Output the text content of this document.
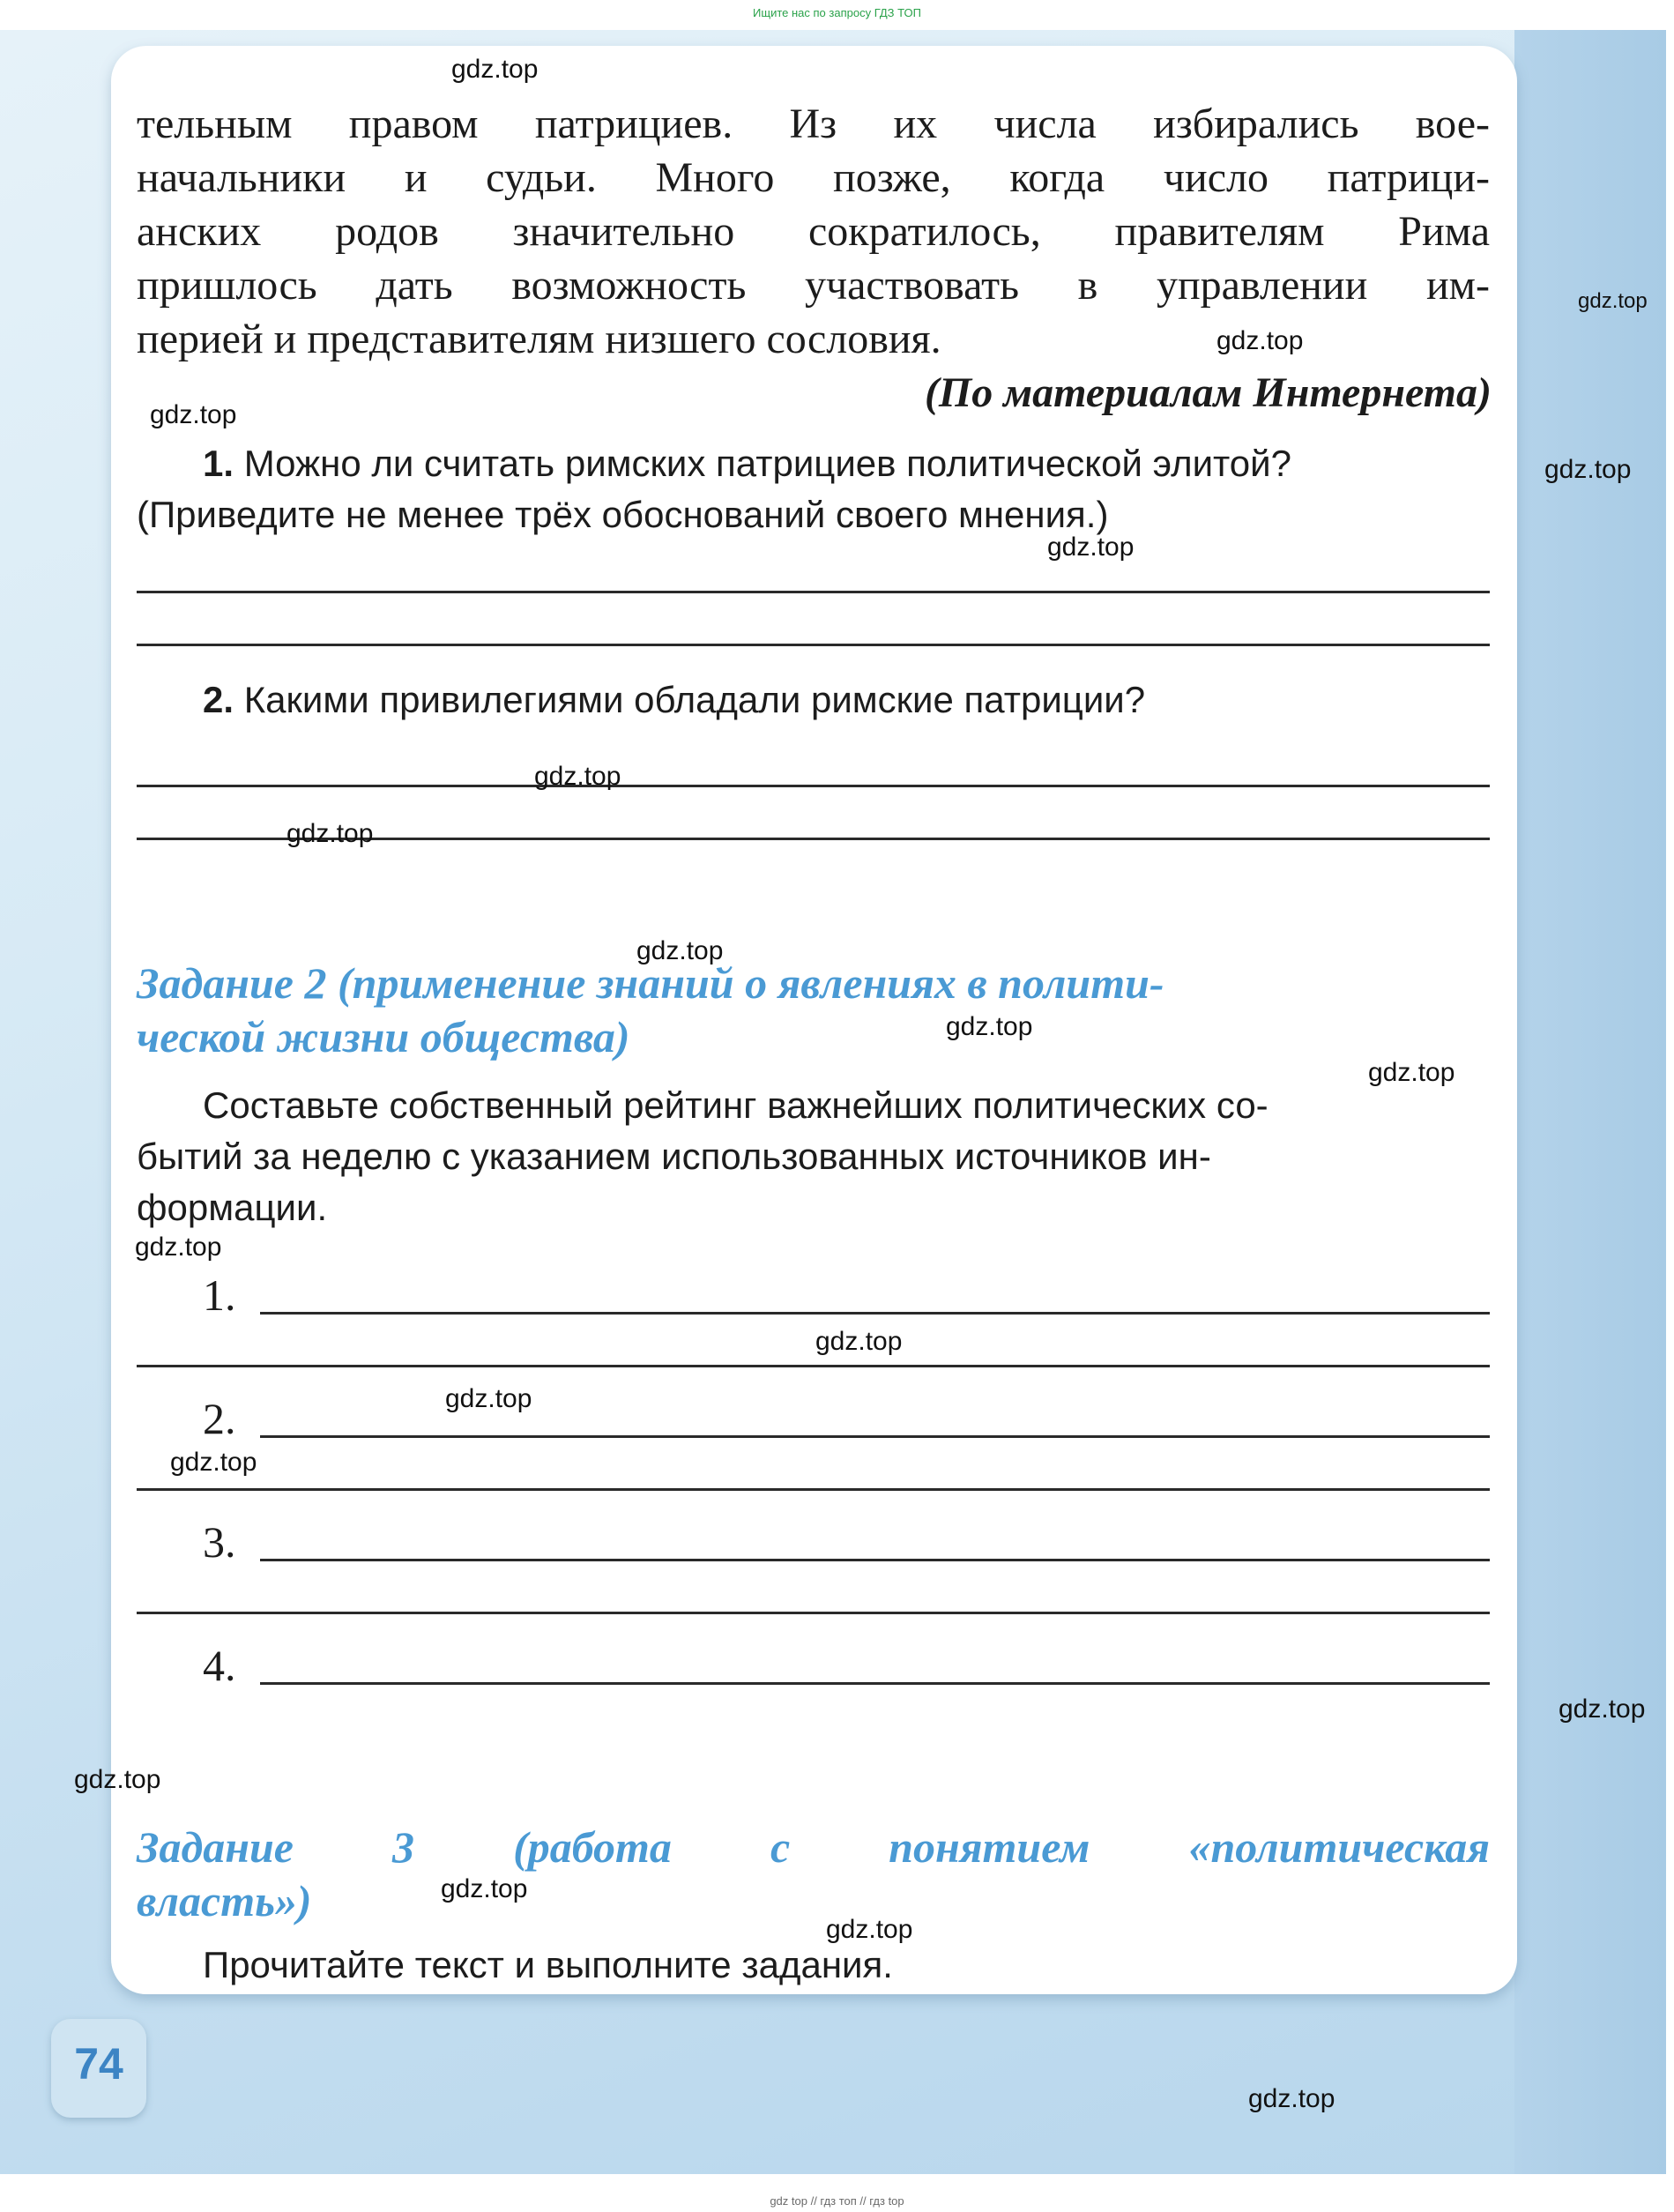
Ищите нас по запросу ГДЗ ТОП
тельным правом патрициев. Из их числа избирались вое-
начальники и судьи. Много позже, когда число патрици-
анских родов значительно сократилось, правителям Рима
пришлось дать возможность участвовать в управлении им-
перией и представителям низшего сословия.
(По материалам Интернета)
1. Можно ли считать римских патрициев политической элитой?
(Приведите не менее трёх обоснований своего мнения.)
2. Какими привилегиями обладали римские патриции?
Задание 2 (применение знаний о явлениях в полити-
ческой жизни общества)
Составьте собственный рейтинг важнейших политических со-
бытий за неделю с указанием использованных источников ин-
формации.
1.
2.
3.
4.
Задание 3 (работа с понятием «политическая
власть»)
Прочитайте текст и выполните задания.
74
gdz.top
gdz.top
gdz.top
gdz.top
gdz.top
gdz.top
gdz.top
gdz.top
gdz.top
gdz.top
gdz.top
gdz.top
gdz.top
gdz.top
gdz.top
gdz.top
gdz.top
gdz.top
gdz.top
gdz.top
gdz top // гдз топ // гдз top
